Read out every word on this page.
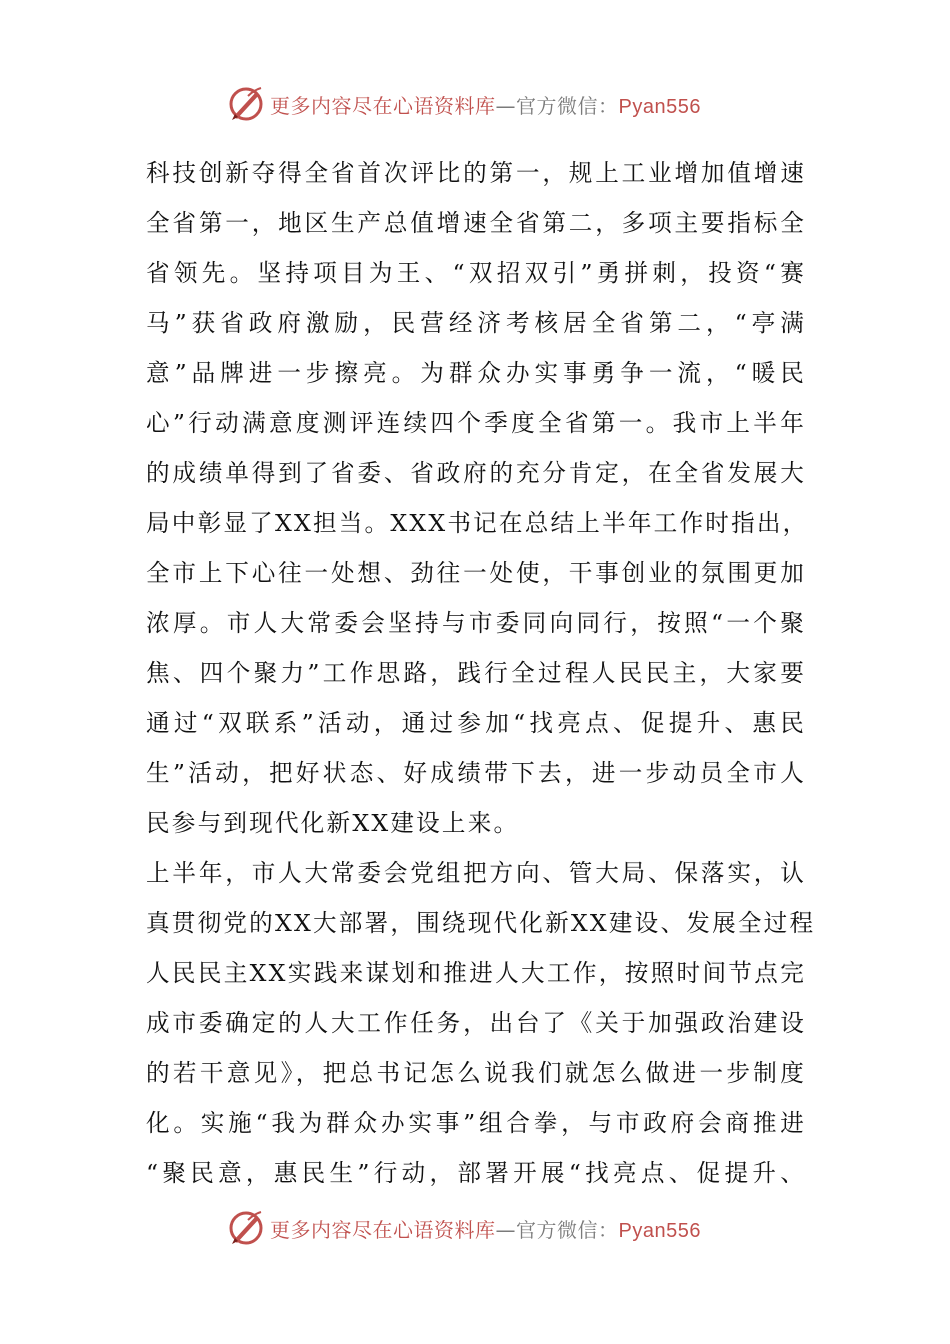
更多内容尽在心语资料库—官方微信：Pyan556
科技创新夺得全省首次评比的第一，规上工业增加值增速
全省第一，地区生产总值增速全省第二，多项主要指标全
省领先。坚持项目为王、“双招双引”勇拼刺，投资“赛
马”获省政府激励，民营经济考核居全省第二，“亭满
意”品牌进一步擦亮。为群众办实事勇争一流，“暖民
心”行动满意度测评连续四个季度全省第一。我市上半年
的成绩单得到了省委、省政府的充分肯定，在全省发展大
局中彰显了XX担当。XXX书记在总结上半年工作时指出，
全市上下心往一处想、劲往一处使，干事创业的氛围更加
浓厚。市人大常委会坚持与市委同向同行，按照“一个聚
焦、四个聚力”工作思路，践行全过程人民民主，大家要
通过“双联系”活动，通过参加“找亮点、促提升、惠民
生”活动，把好状态、好成绩带下去，进一步动员全市人
民参与到现代化新XX建设上来。
上半年，市人大常委会党组把方向、管大局、保落实，认
真贯彻党的XX大部署，围绕现代化新XX建设、发展全过程
人民民主XX实践来谋划和推进人大工作，按照时间节点完
成市委确定的人大工作任务，出台了《关于加强政治建设
的若干意见》，把总书记怎么说我们就怎么做进一步制度
化。实施“我为群众办实事”组合拳，与市政府会商推进
“聚民意，惠民生”行动，部署开展“找亮点、促提升、
更多内容尽在心语资料库—官方微信：Pyan556
